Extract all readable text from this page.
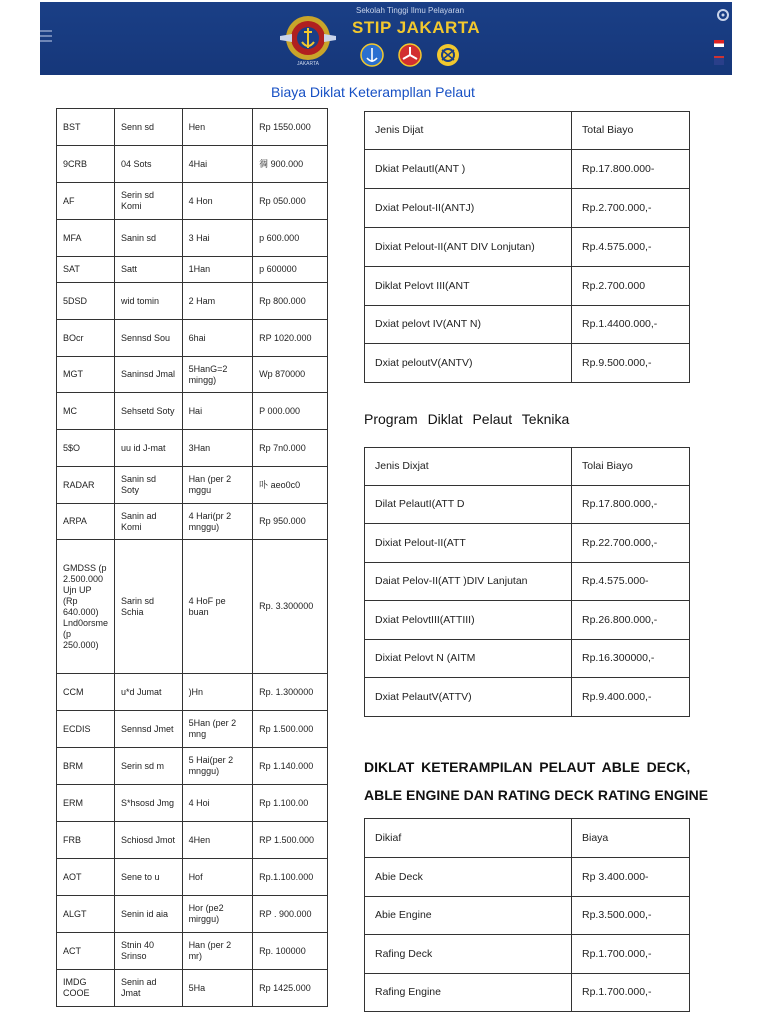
JAKARTA
Sekolah Tinggi Ilmu Pelayaran
STIP JAKARTA
Biaya Diklat Keterampllan Pelaut
BST	Senn sd	Hen	Rp 1550.000
9CRB	04 Sots	4Hai	徟 900.000
AF	Serin sd Komi	4 Hon	Rp 050.000
MFA	Sanin sd	3 Hai	p 600.000
SAT	Satt	1Han	p 600000
5DSD	wid tomin	2 Ham	Rp 800.000
BOcr	Sennsd Sou	6hai	RP 1020.000
MGT	Saninsd Jmal	5HanG=2 mingg)	Wp 870000
MC	Sehsetd Soty	Hai	P 000.000
5$O	uu id J-mat	3Han	Rp 7n0.000
RADAR	Sanin sd Soty	Han (per 2 mggu	卟 aeo0c0
ARPA	Sanin ad Komi	4 Hari(pr 2 mnggu)	Rp 950.000
GMDSS (p 2.500.000 Ujn UP (Rp 640.000) Lnd0orsme (p 250.000)	Sarin sd Schia	4 HoF pe buan	Rp. 3.300000
CCM	u*d Jumat	)Hn	Rp. 1.300000
ECDIS	Sennsd Jmet	5Han (per 2 mng	Rp 1.500.000
BRM	Serin sd m	5 Hai(per 2 mnggu)	Rp 1.140.000
ERM	S*hsosd Jmg	4 Hoi	Rp 1.100.00
FRB	Schiosd Jmot	4Hen	RP 1.500.000
AOT	Sene to u	Hof	Rp.1.100.000
ALGT	Senin id aia	Hor (pe2 mirggu)	RP . 900.000
ACT	Stnin 40 Srinso	Han (per 2 mr)	Rp. 100000
IMDG COOE	Senin ad Jmat	5Ha	Rp 1425.000
Jenis Dijat	Total Biayo
Dkiat PelautI(ANT )	Rp.17.800.000-
Dxiat Pelout-II(ANTJ)	Rp.2.700.000,-
Dixiat Pelout-II(ANT DIV Lonjutan)	Rp.4.575.000,-
Diklat Pelovt III(ANT	Rp.2.700.000
Dxiat pelovt IV(ANT N)	Rp.1.4400.000,-
Dxiat peloutV(ANTV)	Rp.9.500.000,-
Program Diklat Pelaut Teknika
Jenis Dixjat	Tolai Biayo
Dilat PelautI(ATT D	Rp.17.800.000,-
Dixiat Pelout-II(ATT	Rp.22.700.000,-
Daiat Pelov-II(ATT )DIV Lanjutan	Rp.4.575.000-
Dxiat PelovtIII(ATTIII)	Rp.26.800.000,-
Dixiat Pelovt N (AITM	Rp.16.300000,-
Dxiat PelautV(ATTV)	Rp.9.400.000,-
DIKLAT KETERAMPILAN PELAUT ABLE DECK,
ABLE ENGINE DAN RATING DECK RATING ENGINE
Dikiaf	Biaya
Abie Deck	Rp 3.400.000-
Abie Engine	Rp.3.500.000,-
Rafing Deck	Rp.1.700.000,-
Rafing Engine	Rp.1.700.000,-
